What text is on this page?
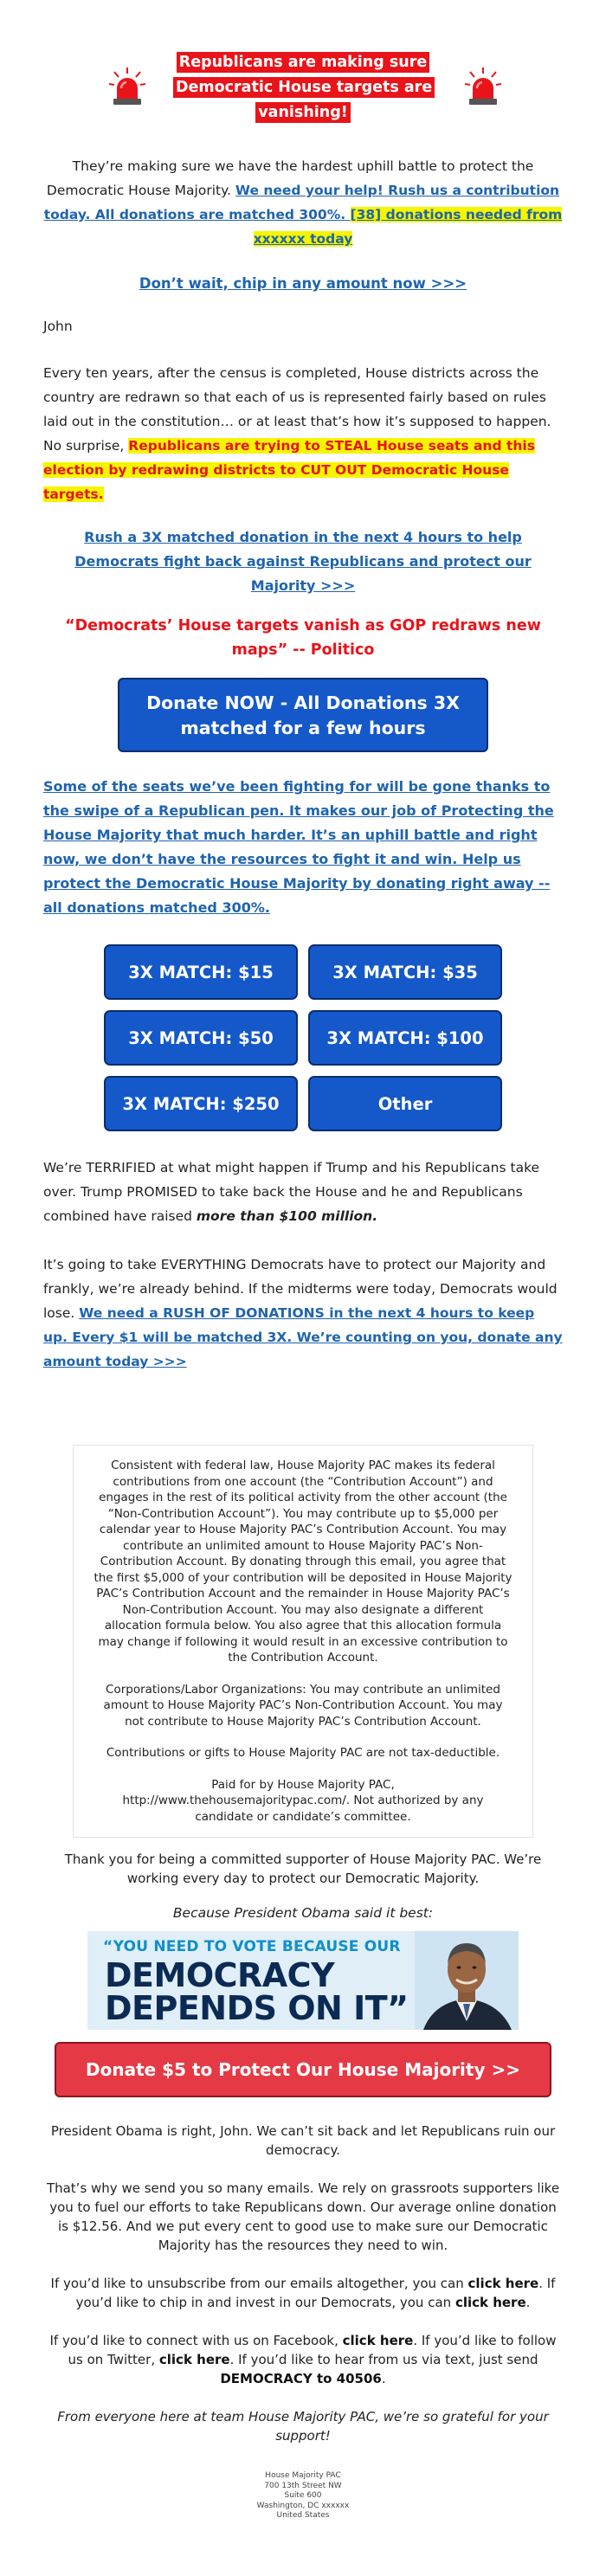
Republicans are making sure Democratic House targets are vanishing!
They’re making sure we have the hardest uphill battle to protect the Democratic House Majority. We need your help! Rush us a contribution today. All donations are matched 300%. [38] donations needed from xxxxxx today
Don’t wait, chip in any amount now >>>
John
Every ten years, after the census is completed, House districts across the country are redrawn so that each of us is represented fairly based on rules laid out in the constitution… or at least that’s how it’s supposed to happen. No surprise, Republicans are trying to STEAL House seats and this election by redrawing districts to CUT OUT Democratic House targets.
Rush a 3X matched donation in the next 4 hours to help Democrats fight back against Republicans and protect our Majority >>>
“Democrats’ House targets vanish as GOP redraws new maps” -- Politico
Donate NOW - All Donations 3X matched for a few hours
Some of the seats we’ve been fighting for will be gone thanks to the swipe of a Republican pen. It makes our job of Protecting the House Majority that much harder. It’s an uphill battle and right now, we don’t have the resources to fight it and win. Help us protect the Democratic House Majority by donating right away -- all donations matched 300%.
3X MATCH: $15	3X MATCH: $35
3X MATCH: $50	3X MATCH: $100
3X MATCH: $250	Other
We’re TERRIFIED at what might happen if Trump and his Republicans take over. Trump PROMISED to take back the House and he and Republicans combined have raised more than $100 million.
It’s going to take EVERYTHING Democrats have to protect our Majority and frankly, we’re already behind. If the midterms were today, Democrats would lose. We need a RUSH OF DONATIONS in the next 4 hours to keep up. Every $1 will be matched 3X. We’re counting on you, donate any amount today >>>

Consistent with federal law, House Majority PAC makes its federal contributions from one account (the “Contribution Account”) and engages in the rest of its political activity from the other account (the “Non-Contribution Account”). You may contribute up to $5,000 per calendar year to House Majority PAC’s Contribution Account. You may contribute an unlimited amount to House Majority PAC’s Non-Contribution Account. By donating through this email, you agree that the first $5,000 of your contribution will be deposited in House Majority PAC’s Contribution Account and the remainder in House Majority PAC’s Non-Contribution Account. You may also designate a different allocation formula below. You also agree that this allocation formula may change if following it would result in an excessive contribution to the Contribution Account.

Corporations/Labor Organizations: You may contribute an unlimited amount to House Majority PAC’s Non-Contribution Account. You may not contribute to House Majority PAC’s Contribution Account.

Contributions or gifts to House Majority PAC are not tax-deductible.

Paid for by House Majority PAC,
http://www.thehousemajoritypac.com/. Not authorized by any candidate or candidate’s committee.

Thank you for being a committed supporter of House Majority PAC. We’re working every day to protect our Democratic Majority.
Because President Obama said it best:
“YOU NEED TO VOTE BECAUSE OUR
DEMOCRACY
DEPENDS ON IT”
Donate $5 to Protect Our House Majority >>
President Obama is right, John. We can’t sit back and let Republicans ruin our democracy.
That’s why we send you so many emails. We rely on grassroots supporters like you to fuel our efforts to take Republicans down. Our average online donation is $12.56. And we put every cent to good use to make sure our Democratic Majority has the resources they need to win.
If you’d like to unsubscribe from our emails altogether, you can click here. If you’d like to chip in and invest in our Democrats, you can click here.
If you’d like to connect with us on Facebook, click here. If you’d like to follow us on Twitter, click here. If you’d like to hear from us via text, just send DEMOCRACY to 40506.
From everyone here at team House Majority PAC, we’re so grateful for your support!
House Majority PAC
700 13th Street NW
Suite 600
Washington, DC xxxxxx
United States
